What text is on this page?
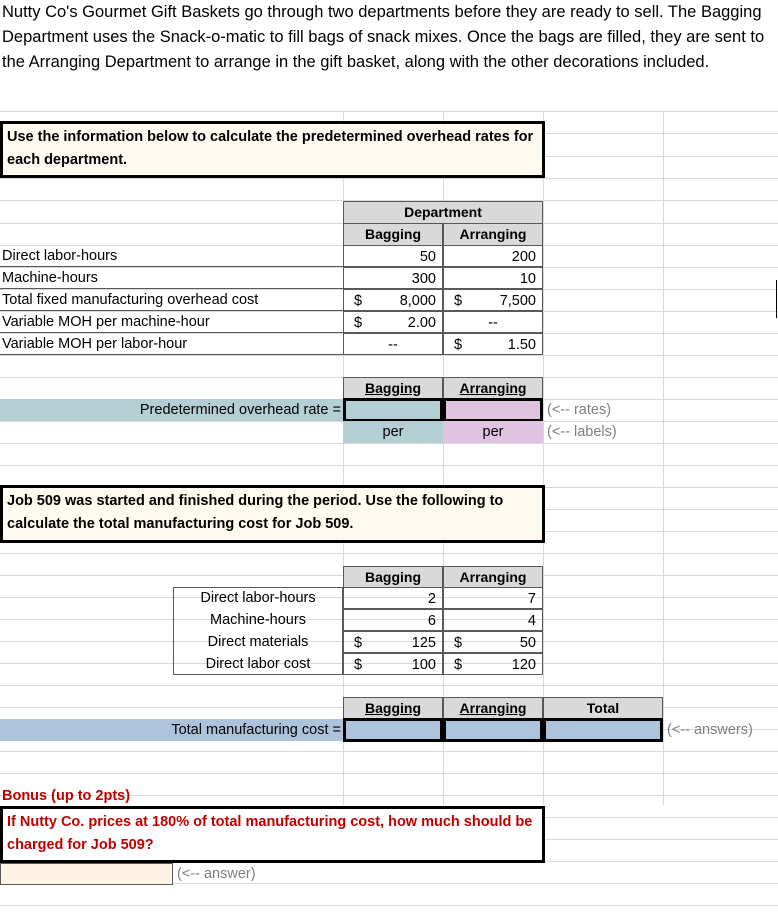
Nutty Co's Gourmet Gift Baskets go through two departments before they are ready to sell. The Bagging Department uses the Snack-o-matic to fill bags of snack mixes. Once the bags are filled, they are sent to the Arranging Department to arrange in the gift basket, along with the other decorations included.
Use the information below to calculate the predetermined overhead rates for each department.
Department
Bagging	Arranging
Direct labor-hours	50	200
Machine-hours	300	10
Total fixed manufacturing overhead cost	$	8,000	$	7,500
Variable MOH per machine-hour	$	2.00	--
Variable MOH per labor-hour	--	$	1.50
Bagging	Arranging
Predetermined overhead rate =	(<-- rates)
per	per	(<-- labels)
Job 509 was started and finished during the period. Use the following to calculate the total manufacturing cost for Job 509.
Bagging	Arranging
Direct labor-hours	2	7
Machine-hours	6	4
Direct materials	$	125	$	50
Direct labor cost	$	100	$	120
Bagging	Arranging	Total
Total manufacturing cost =	(<-- answers)
Bonus (up to 2pts)
If Nutty Co. prices at 180% of total manufacturing cost, how much should be charged for Job 509?
(<-- answer)
